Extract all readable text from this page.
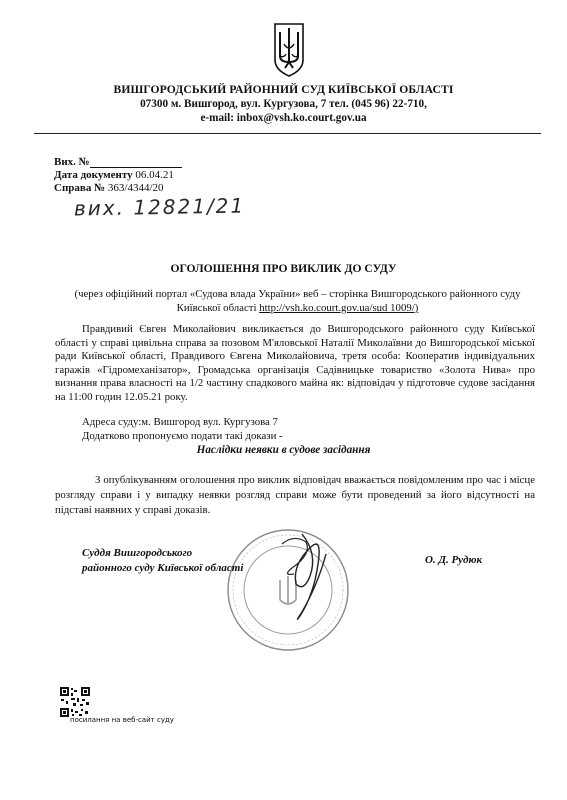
ВИШГОРОДСЬКИЙ РАЙОННИЙ СУД КИЇВСЬКОЇ ОБЛАСТІ
07300 м. Вишгород, вул. Кургузова, 7 тел. (045 96) 22-710,
e-mail: inbox@vsh.ko.court.gov.ua
Вих. №
Дата документу 06.04.21
Справа № 363/4344/20
вих. 12821/21
ОГОЛОШЕННЯ ПРО ВИКЛИК ДО СУДУ
(через офіційний портал «Судова влада України» веб – сторінка Вишгородського районного суду Київської області http://vsh.ko.court.gov.ua/sud 1009/)
Правдивий Євген Миколайович викликається до Вишгородського районного суду Київської області у справі цивільна справа за позовом М'яловської Наталії Миколаївни до Вишгородської міської ради Київської області, Правдивого Євгена Миколайовича, третя особа: Кооператив індивідуальних гаражів «Гідромеханізатор», Громадська організація Садівницьке товариство «Золота Нива» про визнання права власності на 1/2 частину спадкового майна як: відповідач у підготовче судове засідання на 11:00 годин 12.05.21 року.
Адреса суду:м. Вишгород вул. Кургузова 7
Додатково пропонуємо подати такі докази -
Наслідки неявки в судове засідання
З опублікуванням оголошення про виклик відповідач вважається повідомленим про час і місце розгляду справи і у випадку неявки розгляд справи може бути проведений за його відсутності на підставі наявних у справі доказів.
Суддя Вишгородського
районного суду Київської області
О. Д. Рудюк
посилання на веб-сайт суду
